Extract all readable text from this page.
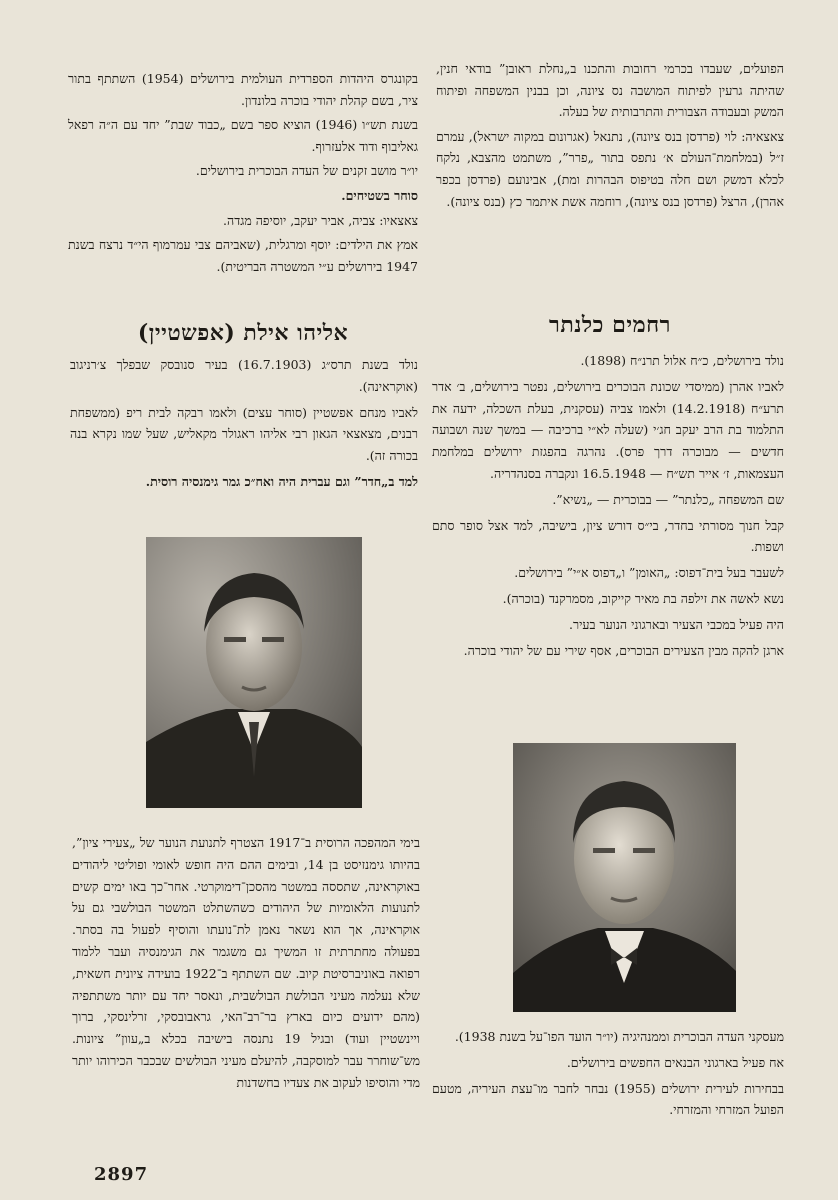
הפועלים, שעבדו בכרמי רחובות והתכנו ב„נחלת ראובן” בודאי חנין, שהיתה גרעין לפיתוח המושבה נס ציונה, וכן בבנין המשפחה ופיתוח המשק ובעבודה הצבורית והתרבותית של בעלה.

צאצאיה: לוי (פרדסן בנס ציונה), נתנאל (אגרונום במקוה ישראל), עמרם ז״ל (במלחמת־העולם א׳ נתפס בתור „פרר”, משתמט מהצבא, נלקח לכלא דמשק ושם חלה בטיפוס הבהרות ומת), אבינועם (פרדסן בכפר אהרן), הרצל (פרדסן בנס ציונה), רוחמה אשת איתמר כץ (בנס ציונה).

בקונגרס היהדות הספרדית העולמית בירושלים (1954) השתתף בתור ציר, בשם קהלת יהודי בוכרה בלונדון.

בשנת תש״ו (1946) הוציא ספר בשם „כבוד שבת” יחד עם ה״ה רפאל גאליבוף ודוד אלעזרוף.

יו״ר מושב זקנים של העדה הבוכרית בירושלים.

סוחר בשטיחים.

צאצאיו: צביה, אביר יעקב, יוסיפה מגדה.

אמץ את הילדים: יוסף ומרגלית, (שאביהם צבי עמרמוף הי״ד נרצח בשנת 1947 בירושלים ע״י המשטרה הבריטית).

רחמים כלנתר
אליהו אילת (אפשטיין)

נולד בירושלים, כ״ח אלול תרנ״ח (1898).

לאביו אהרן (ממיסדי שכונת הבוכרים בירושלים, נפטר בירושלים, ב׳ אדר תרע״ח (14.2.1918) ולאמו צביה (עסקנית, בעלת השכלה, ידעה את התלמוד בת הרב יעקב חג׳י (שעלה לא״י ברכיבה — במשך שנה ושבועה חדשים — מבוכרה דרך פרס). נהרגה בהפגזת ירושלים במלחמת העצמאות, ז׳ אייר תש״ח — 16.5.1948 ונקברה בסנהדריה.

שם המשפחה „כלנתר” — בבוכרית — „נשיא”.

קבל חנוך מסורתי בחדר, בי״ס דורש ציון, בישיבה, למד אצל סופר סתם ושפות.

לשעבר בעל בית־דפוס: „האומן” ו„דפוס א״י” בירושלים.

נשא לאשה את זילפה בת מאיר קייקוב, מסמרקנד (בוכרה).

היה פעיל במכבי הצעיר ובארגוני הנוער בעיר.

ארגן להקה מבין הצעירים הבוכרים, אסף שירי עם של יהודי בוכרה.

נולד בשנת תרס״ג (16.7.1903) בעיר סנובסק שבפלך צ׳רניגוב (אוקראינה).

לאביו מנחם אפשטיין (סוחר עצים) ולאמו רבקה לבית ריפ (ממשפחת רבנים, מצאצאי הגאון רבי אליהו ראגולר מקאליש, שעל שמו נקרא בנה בכורה זה).

למד ב„חדר” וגם עברית היה ואח״כ גמר גימנסיה רוסית.

מעסקני העדה הבוכרית וממנהיגיה (יו״ר הועד הפו־על בשנת 1938).

אח פעיל בארגוני הבנאים החפשים בירושלים.

בבחירות לעירית ירושלים (1955) נבחר לחבר מו־עצת העיריה, מטעם הפועל המזרחי והמזרחי.

בימי המהפכה הרוסית ב־1917 הצטרף לתנועת הנוער של „צעירי ציון”, בהיותו גימנזיסט בן 14, ובימים ההם היה חופש לאומי ופוליטי ליהודים באוקראינה, שתססה במשטר מהסכן־דימוקרטי. אחר־כך באו ימים קשים לתנועות הלאומיות של היהודים כשהשתלט המשטר הבולשבי גם על אוקראינה, אך הוא נשאר נאמן לת־נועתו והוסיף לפעול בה בסתר. בפעולה מחתרתית זו המשיך גם משגמר את הגימנסיה ועבר ללמוד רפואה באוניברסיטת קיוב. שם השתתף ב־1922 בועידה ציונית חשאית, שלא נעלמה מעיני הבולשת הבולשבית, ונאסר יחד עם יותר משתתפיה (מהם ידועים כיום בארץ בר־רב־האי, גראבובסקי, זרלינסקי, ברוך ויינשטיין ועוד) ובגיל 19 נתנסה בישיבה בכלא ב„עוון” ציונות. מש־שוחרר עבר למוסקבה, להיעלם מעיני הבולשים שבכבר הכירוהו יותר מדי והוסיפו לעקוב את צעדיו בחשדנות

2897
